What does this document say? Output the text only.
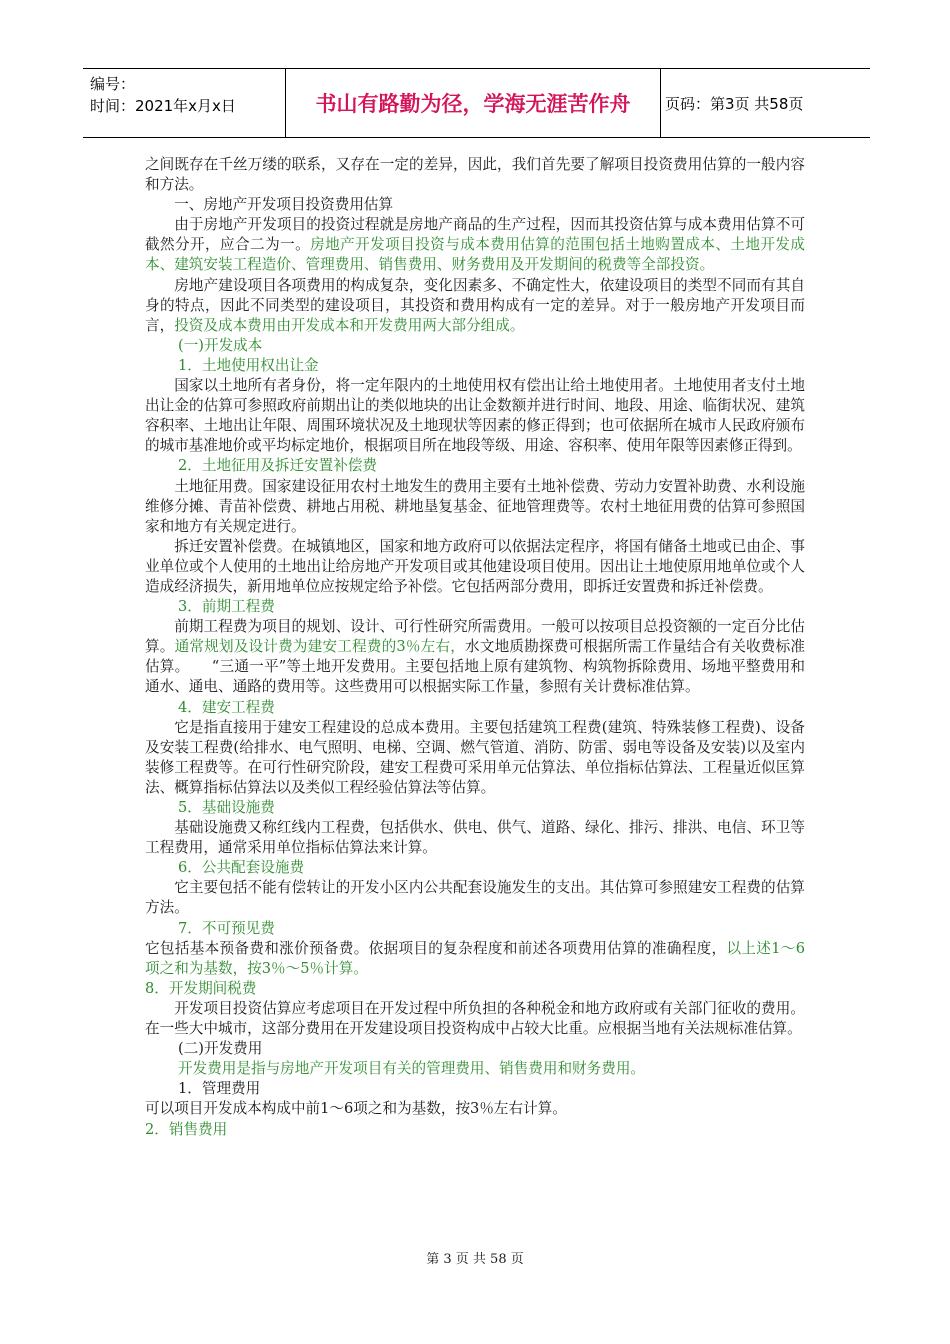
编号：
时间：2021年x月x日	书山有路勤为径，学海无涯苦作舟 页码：第3页 共58页

之间既存在千丝万缕的联系，又存在一定的差异，因此，我们首先要了解项目投资费用估算的一般内容和方法。

一、房地产开发项目投资费用估算

由于房地产开发项目的投资过程就是房地产商品的生产过程，因而其投资估算与成本费用估算不可截然分开，应合二为一。房地产开发项目投资与成本费用估算的范围包括土地购置成本、土地开发成本、建筑安装工程造价、管理费用、销售费用、财务费用及开发期间的税费等全部投资。

房地产建设项目各项费用的构成复杂，变化因素多、不确定性大，依建设项目的类型不同而有其自身的特点，因此不同类型的建设项目，其投资和费用构成有一定的差异。对于一般房地产开发项目而言，投资及成本费用由开发成本和开发费用两大部分组成。

(一)开发成本

1．土地使用权出让金

国家以土地所有者身份，将一定年限内的土地使用权有偿出让给土地使用者。土地使用者支付土地出让金的估算可参照政府前期出让的类似地块的出让金数额并进行时间、地段、用途、临街状况、建筑容积率、土地出让年限、周围环境状况及土地现状等因素的修正得到；也可依据所在城市人民政府颁布的城市基准地价或平均标定地价，根据项目所在地段等级、用途、容积率、使用年限等因素修正得到。

2．土地征用及拆迁安置补偿费

土地征用费。国家建设征用农村土地发生的费用主要有土地补偿费、劳动力安置补助费、水利设施维修分摊、青苗补偿费、耕地占用税、耕地垦复基金、征地管理费等。农村土地征用费的估算可参照国家和地方有关规定进行。

拆迁安置补偿费。在城镇地区，国家和地方政府可以依据法定程序，将国有储备土地或已由企、事业单位或个人使用的土地出让给房地产开发项目或其他建设项目使用。因出让土地使原用地单位或个人造成经济损失，新用地单位应按规定给予补偿。它包括两部分费用，即拆迁安置费和拆迁补偿费。

3．前期工程费

前期工程费为项目的规划、设计、可行性研究所需费用。一般可以按项目总投资额的一定百分比估算。通常规划及设计费为建安工程费的3％左右，水文地质勘探费可根据所需工作量结合有关收费标准估算。　　“三通一平”等土地开发费用。主要包括地上原有建筑物、构筑物拆除费用、场地平整费用和通水、通电、通路的费用等。这些费用可以根据实际工作量，参照有关计费标准估算。

4．建安工程费

它是指直接用于建安工程建设的总成本费用。主要包括建筑工程费(建筑、特殊装修工程费)、设备及安装工程费(给排水、电气照明、电梯、空调、燃气管道、消防、防雷、弱电等设备及安装)以及室内装修工程费等。在可行性研究阶段，建安工程费可采用单元估算法、单位指标估算法、工程量近似匡算法、概算指标估算法以及类似工程经验估算法等估算。

5．基础设施费

基础设施费又称红线内工程费，包括供水、供电、供气、道路、绿化、排污、排洪、电信、环卫等工程费用，通常采用单位指标估算法来计算。

6．公共配套设施费

它主要包括不能有偿转让的开发小区内公共配套设施发生的支出。其估算可参照建安工程费的估算方法。

7．不可预见费

它包括基本预备费和涨价预备费。依据项目的复杂程度和前述各项费用估算的准确程度，以上述1～6项之和为基数，按3％～5％计算。

8．开发期间税费

开发项目投资估算应考虑项目在开发过程中所负担的各种税金和地方政府或有关部门征收的费用。在一些大中城市，这部分费用在开发建设项目投资构成中占较大比重。应根据当地有关法规标准估算。

(二)开发费用

开发费用是指与房地产开发项目有关的管理费用、销售费用和财务费用。

1．管理费用

可以项目开发成本构成中前1～6项之和为基数，按3％左右计算。

2．销售费用

第 3 页 共 58 页
